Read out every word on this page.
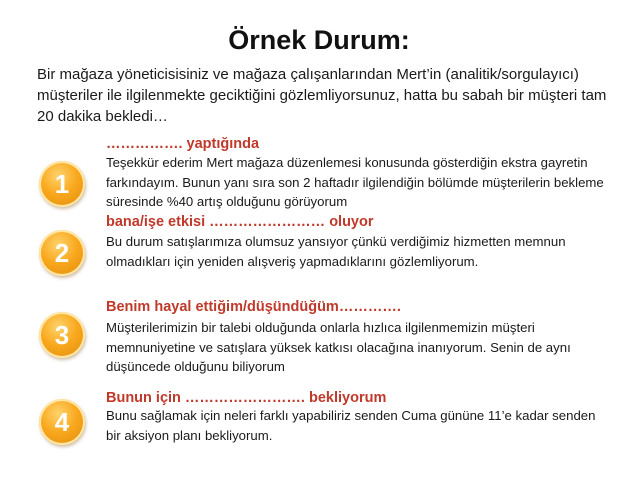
Örnek Durum:
Bir mağaza yöneticisisiniz ve mağaza çalışanlarından Mert’in (analitik/sorgulayıcı) müşteriler ile ilgilenmekte geciktiğini gözlemliyorsunuz, hatta bu sabah bir müşteri tam 20 dakika bekledi…
1
……………. yaptığında
Teşekkür ederim Mert mağaza düzenlemesi konusunda gösterdiğin ekstra gayretin farkındayım. Bunun yanı sıra son 2 haftadır ilgilendiğin bölümde müşterilerin bekleme süresinde %40 artış olduğunu görüyorum
2
bana/işe etkisi …………………… oluyor
Bu durum satışlarımıza olumsuz yansıyor çünkü verdiğimiz hizmetten memnun olmadıkları için yeniden alışveriş yapmadıklarını gözlemliyorum.
3
Benim hayal ettiğim/düşündüğüm………….
Müşterilerimizin bir talebi olduğunda onlarla hızlıca ilgilenmemizin müşteri memnuniyetine ve satışlara yüksek katkısı olacağına inanıyorum. Senin de aynı düşüncede olduğunu biliyorum
4
Bunun için ……………………. bekliyorum
Bunu sağlamak için neleri farklı yapabiliriz senden Cuma gününe 11’e kadar senden bir aksiyon planı bekliyorum.
